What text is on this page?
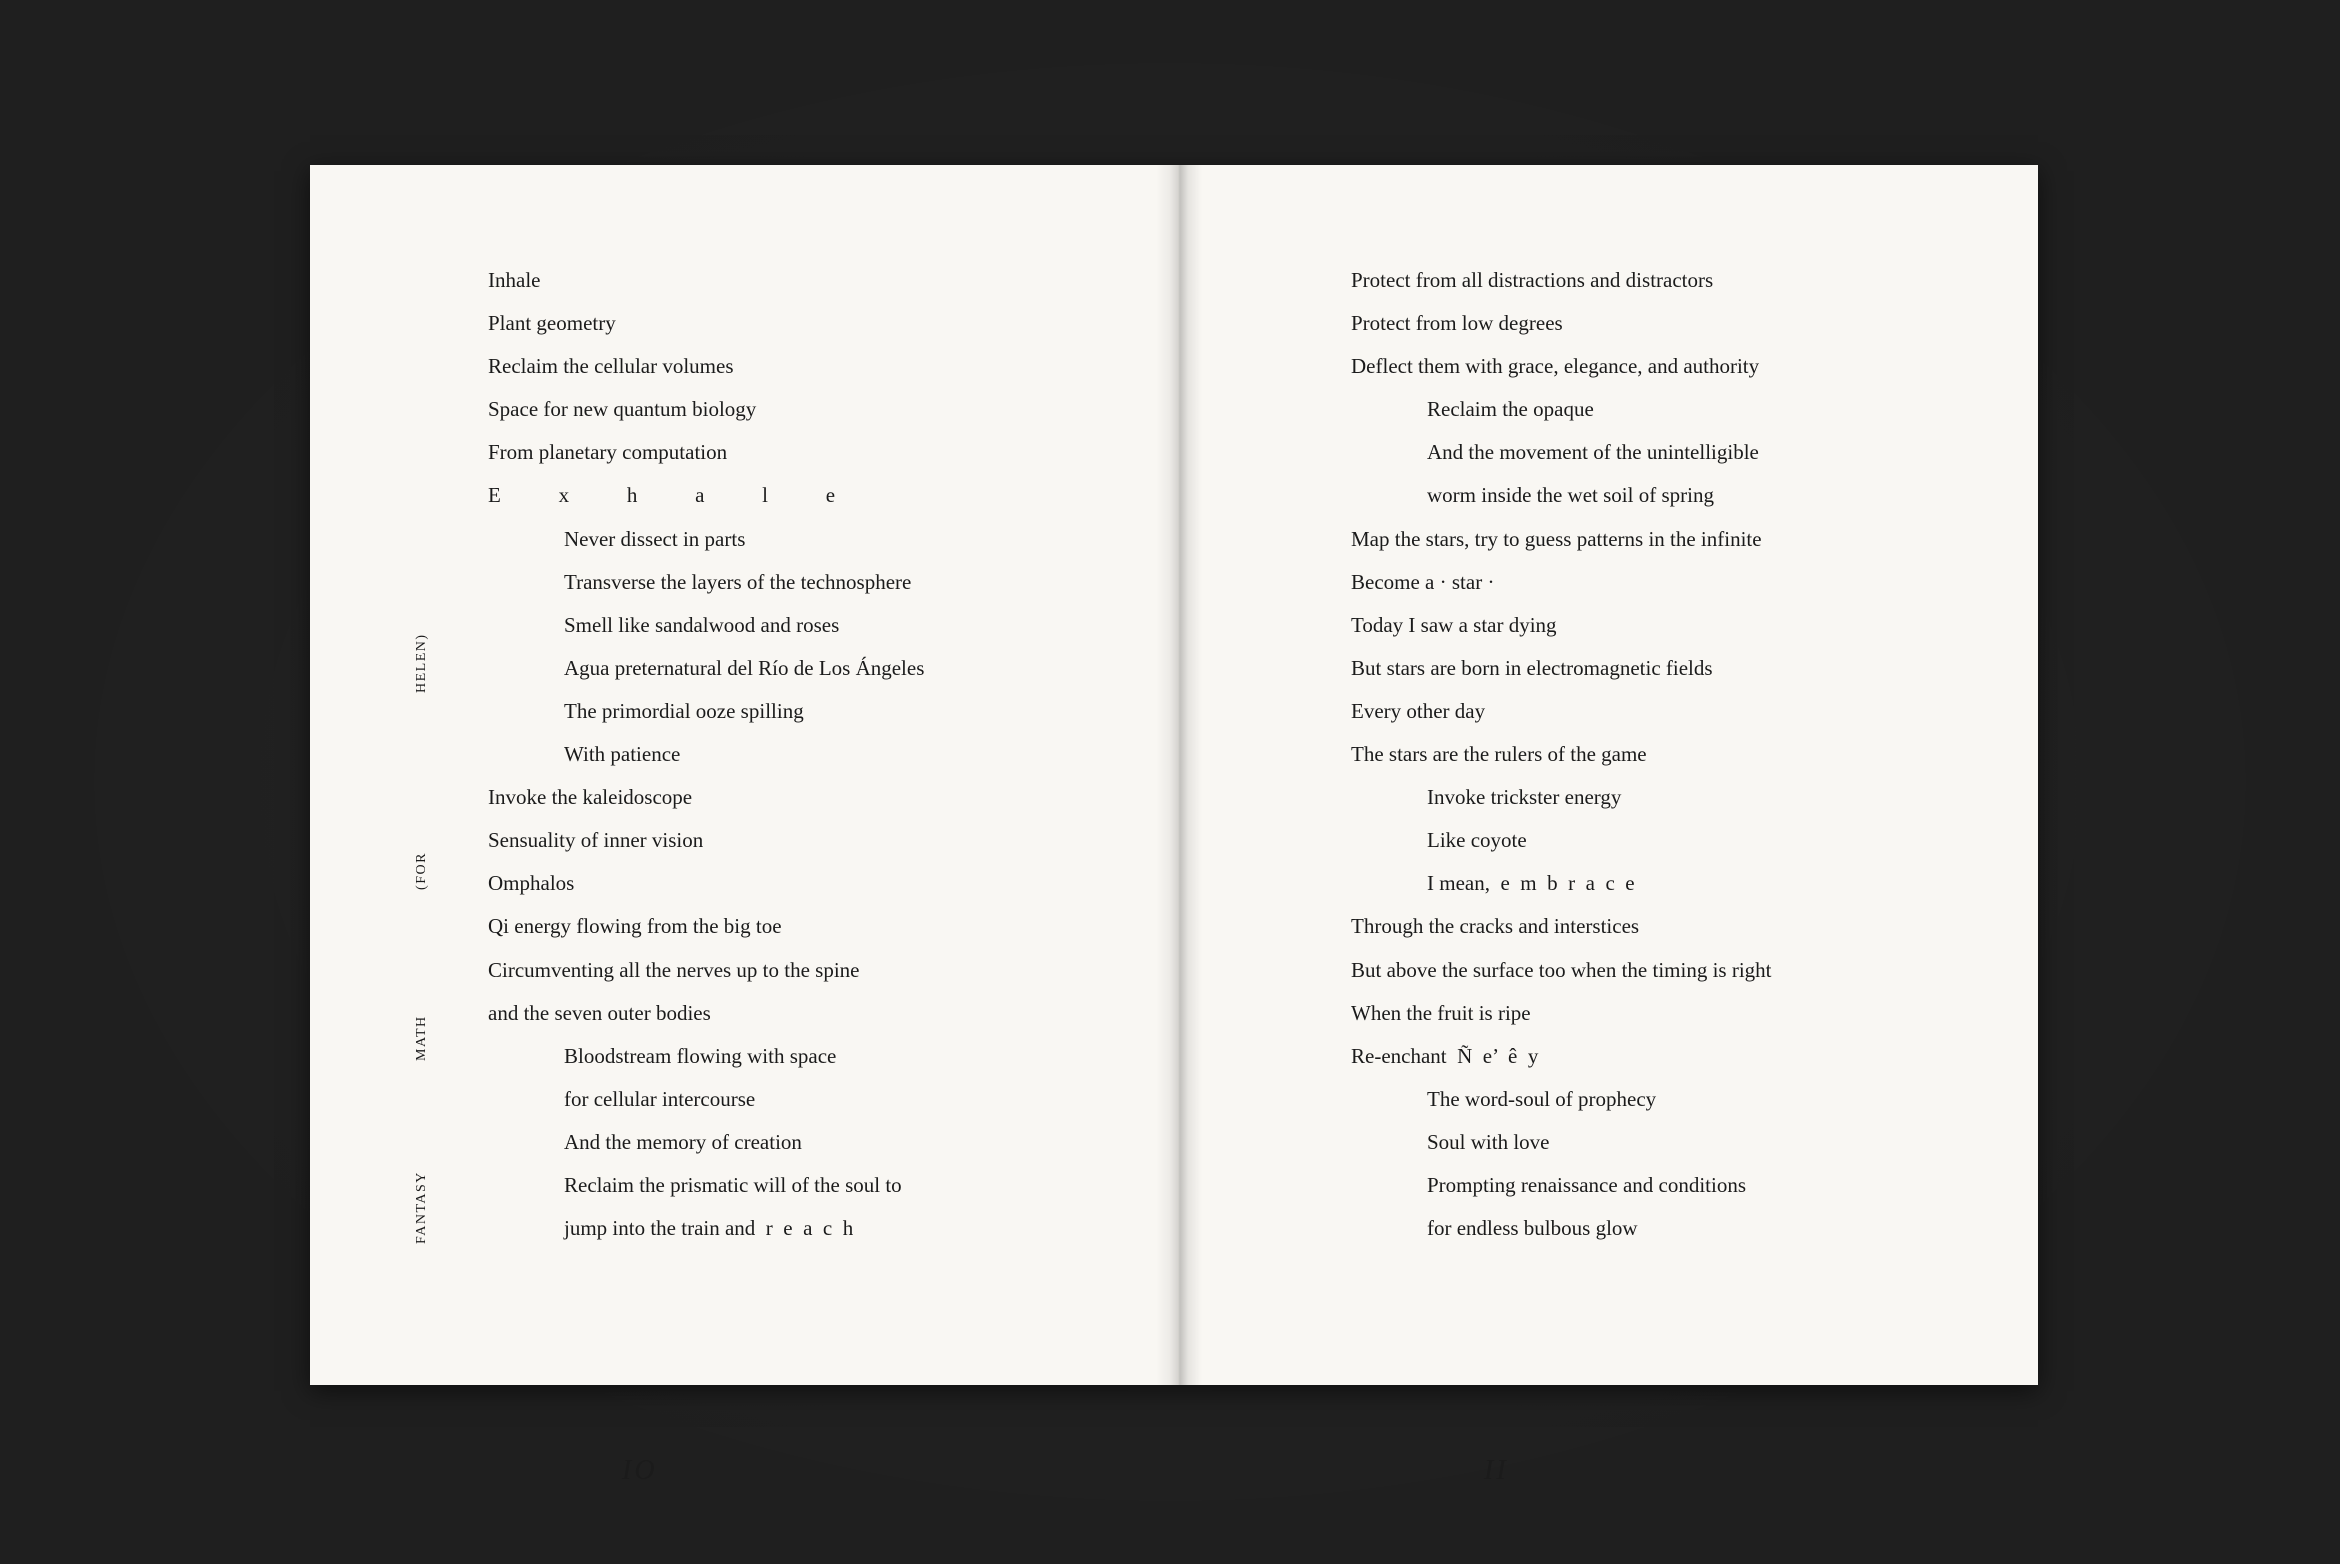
HELEN)
(FOR
MATH
FANTASY
IO	II
Inhale
Plant geometry
Reclaim the cellular volumes
Space for new quantum biology
From planetary computation
E           x           h           a           l           e
Never dissect in parts
Transverse the layers of the technosphere
Smell like sandalwood and roses
Agua preternatural del Río de Los Ángeles
The primordial ooze spilling
With patience
Invoke the kaleidoscope
Sensuality of inner vision
Omphalos
Qi energy flowing from the big toe
Circumventing all the nerves up to the spine
and the seven outer bodies
Bloodstream flowing with space
for cellular intercourse
And the memory of creation
Reclaim the prismatic will of the soul to
jump into the train and  r  e  a  c  h
Protect from all distractions and distractors
Protect from low degrees
Deflect them with grace, elegance, and authority
Reclaim the opaque
And the movement of the unintelligible
worm inside the wet soil of spring
Map the stars, try to guess patterns in the infinite
Become a · star ·
Today I saw a star dying
But stars are born in electromagnetic fields
Every other day
The stars are the rulers of the game
Invoke trickster energy
Like coyote
I mean,  e  m  b  r  a  c  e
Through the cracks and interstices
But above the surface too when the timing is right
When the fruit is ripe
Re-enchant  Ñ  e’  ê  y
The word-soul of prophecy
Soul with love
Prompting renaissance and conditions
for endless bulbous glow
